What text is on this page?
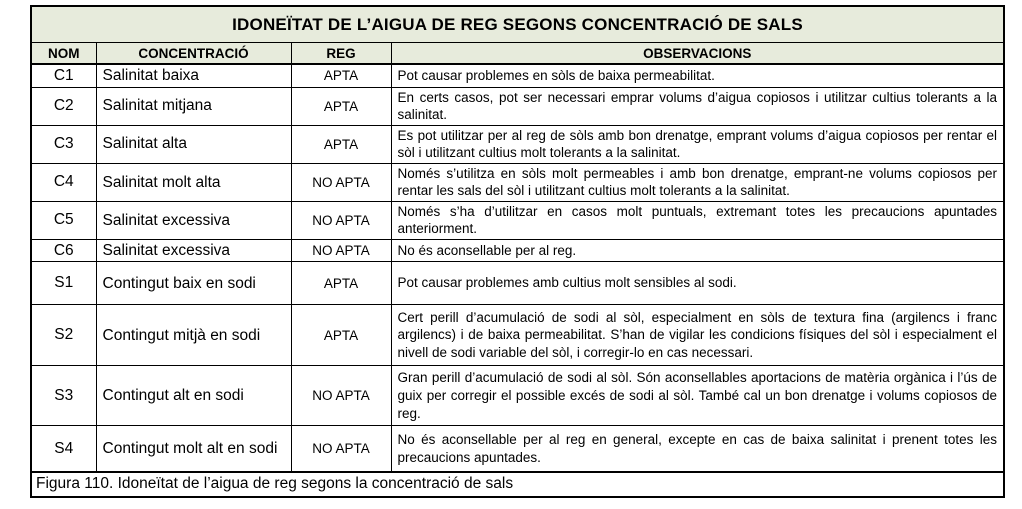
IDONEÏTAT DE L’AIGUA DE REG SEGONS CONCENTRACIÓ DE SALS			
NOM	CONCENTRACIÓ	REG	OBSERVACIONS
C1	Salinitat baixa	APTA	Pot causar problemes en sòls de baixa permeabilitat.
C2	Salinitat mitjana	APTA	En certs casos, pot ser necessari emprar volums d’aigua copiosos i utilitzar cultius tolerants a la salinitat.
C3	Salinitat alta	APTA	Es pot utilitzar per al reg de sòls amb bon drenatge, emprant volums d’aigua copiosos per rentar el sòl i utilitzant cultius molt tolerants a la salinitat.
C4	Salinitat molt alta	NO APTA	Només s’utilitza en sòls molt permeables i amb bon drenatge, emprant-ne volums copiosos per rentar les sals del sòl i utilitzant cultius molt tolerants a la salinitat.
C5	Salinitat excessiva	NO APTA	Només s’ha d’utilitzar en casos molt puntuals, extremant totes les precaucions apuntades anteriorment.
C6	Salinitat excessiva	NO APTA	No és aconsellable per al reg.
S1	Contingut baix en sodi	APTA	Pot causar problemes amb cultius molt sensibles al sodi.
S2	Contingut mitjà en sodi	APTA	Cert perill d’acumulació de sodi al sòl, especialment en sòls de textura fina (argilencs i franc argilencs) i de baixa permeabilitat. S’han de vigilar les condicions físiques del sòl i especialment el nivell de sodi variable del sòl, i corregir-lo en cas necessari.
S3	Contingut alt en sodi	NO APTA	Gran perill d’acumulació de sodi al sòl. Són aconsellables aportacions de matèria orgànica i l’ús de guix per corregir el possible excés de sodi al sòl. També cal un bon drenatge i volums copiosos de reg.
S4	Contingut molt alt en sodi	NO APTA	No és aconsellable per al reg en general, excepte en cas de baixa salinitat i prenent totes les precaucions apuntades.
Figura 110. Idoneïtat de l’aigua de reg segons la concentració de sals			
